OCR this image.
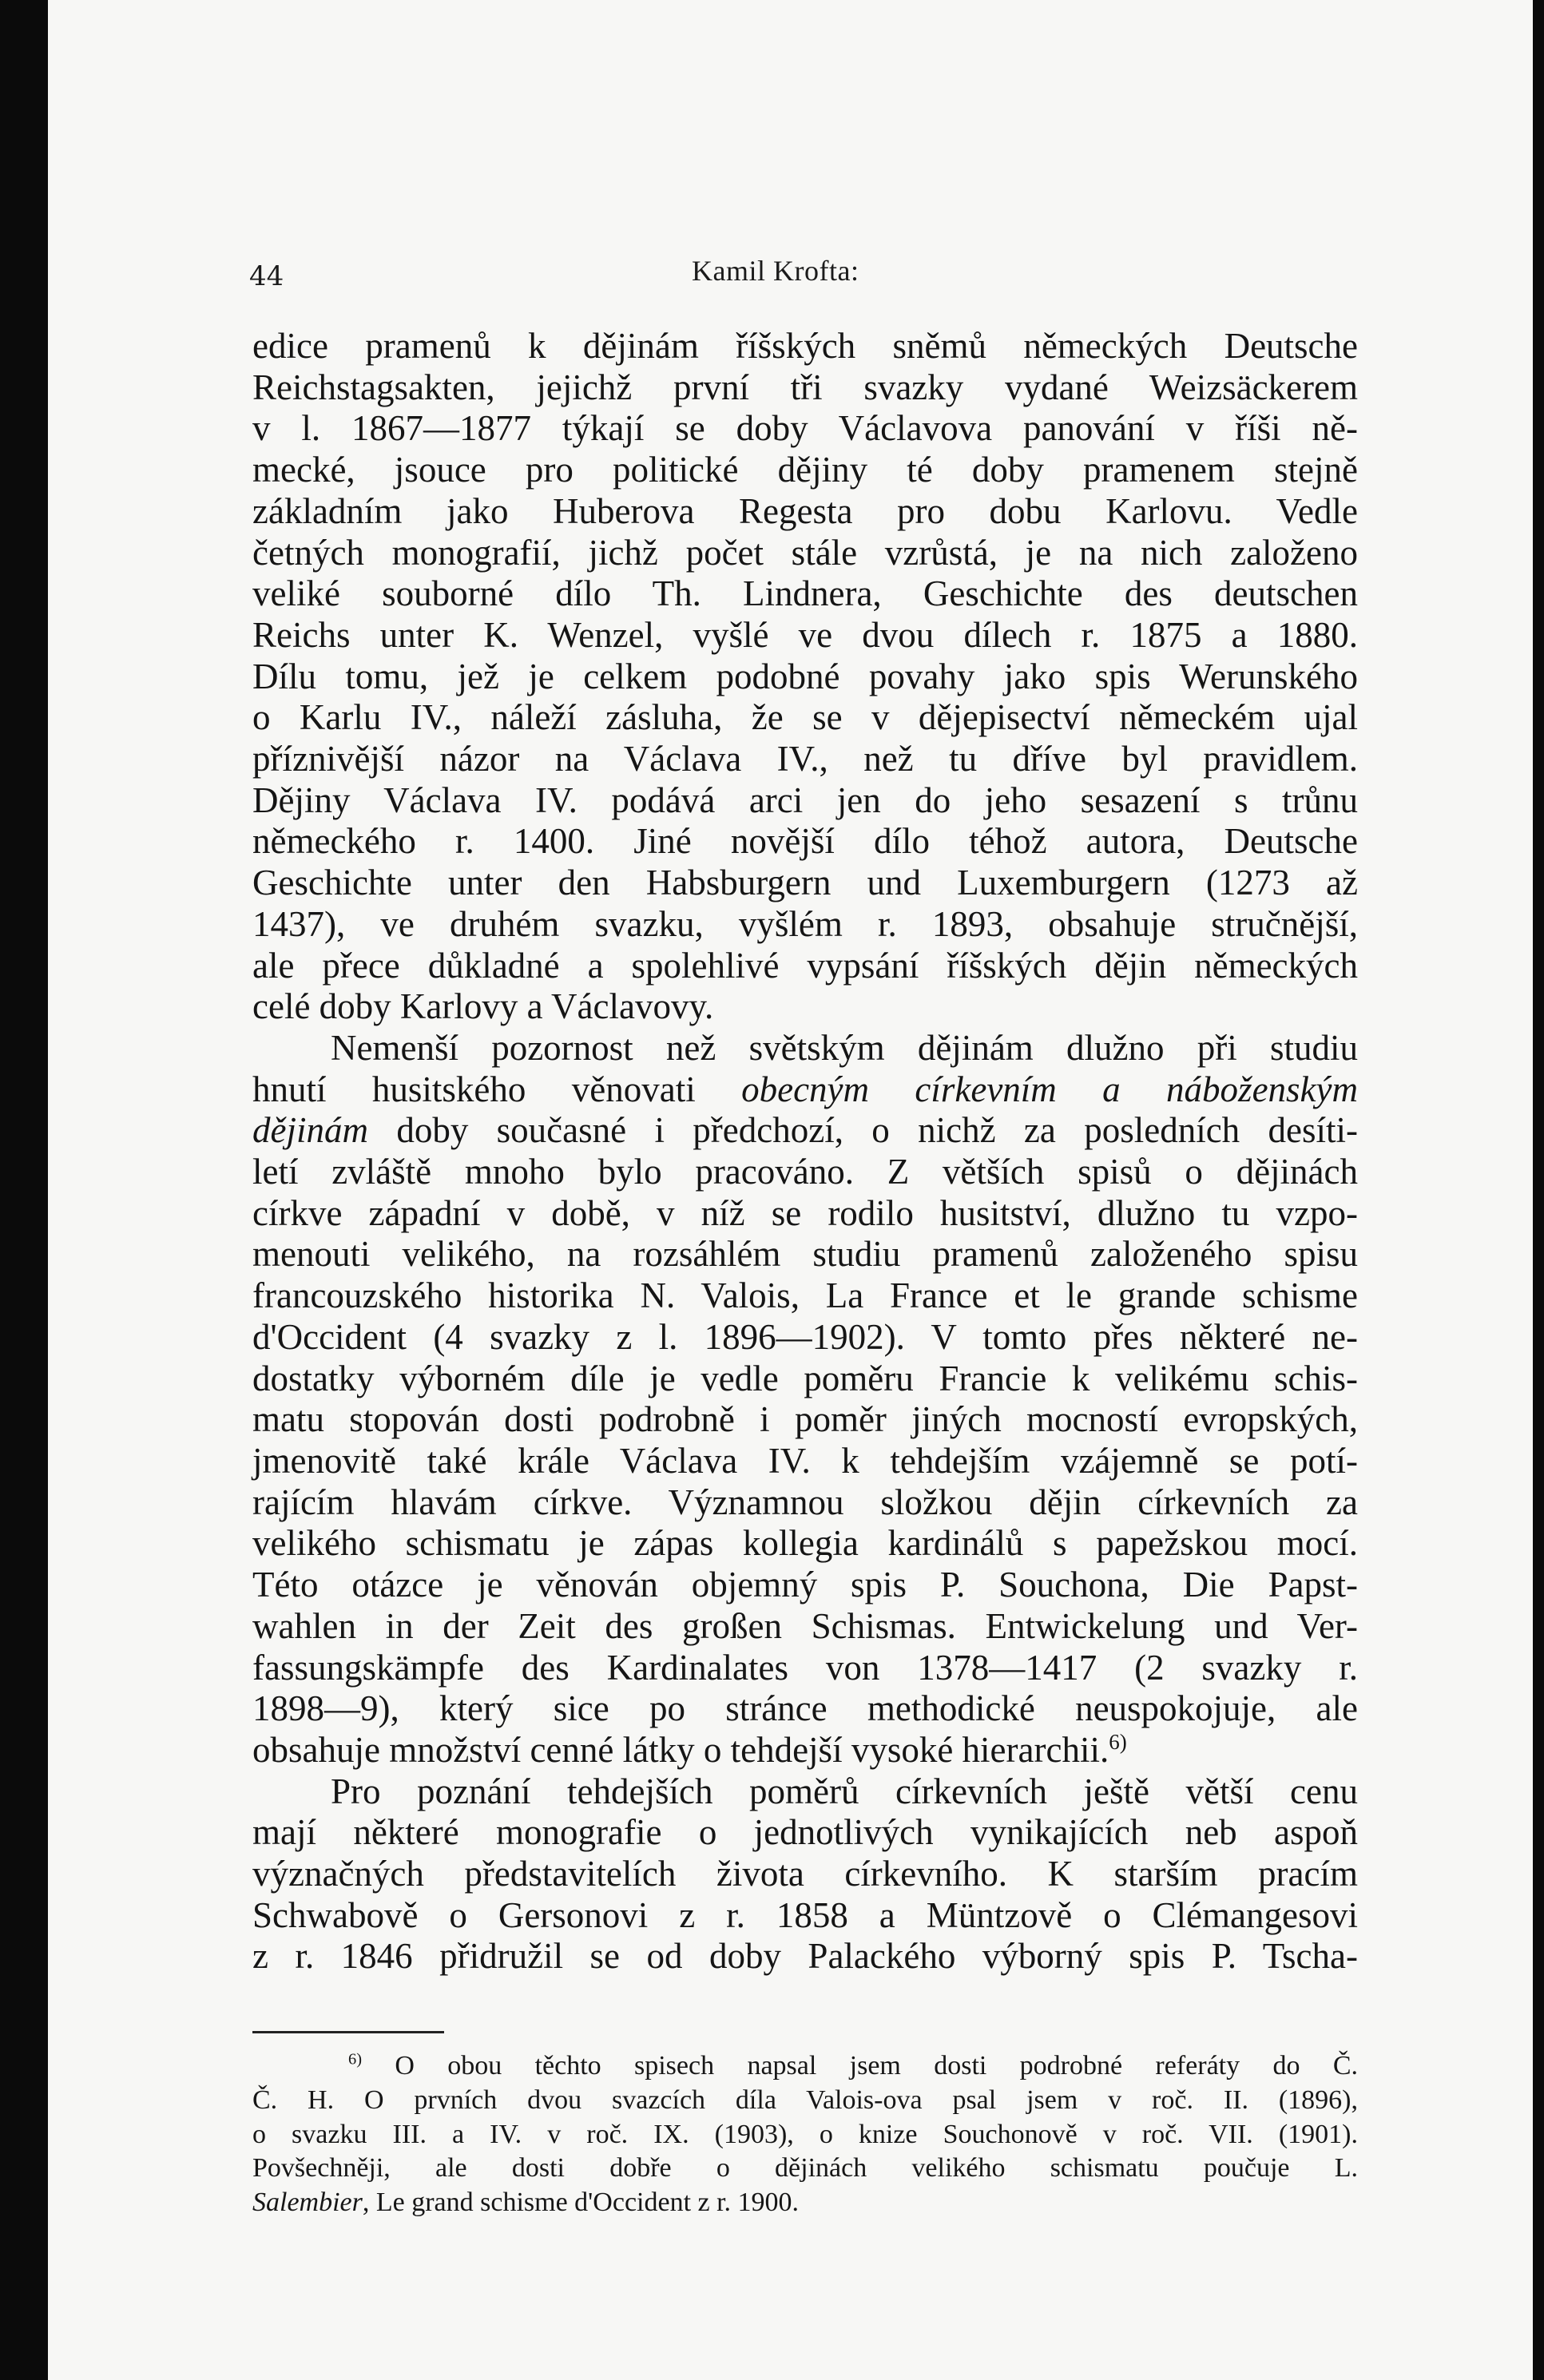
44	Kamil Krofta:

edice pramenů k dějinám říšských sněmů německých Deutsche
Reichstagsakten, jejichž první tři svazky vydané Weizsäckerem
v l. 1867—1877 týkají se doby Václavova panování v říši ně-
mecké, jsouce pro politické dějiny té doby pramenem stejně
základním jako Huberova Regesta pro dobu Karlovu. Vedle
četných monografií, jichž počet stále vzrůstá, je na nich založeno
veliké souborné dílo Th. Lindnera, Geschichte des deutschen
Reichs unter K. Wenzel, vyšlé ve dvou dílech r. 1875 a 1880.
Dílu tomu, jež je celkem podobné povahy jako spis Werunského
o Karlu IV., náleží zásluha, že se v dějepisectví německém ujal
příznivější názor na Václava IV., než tu dříve byl pravidlem.
Dějiny Václava IV. podává arci jen do jeho sesazení s trůnu
německého r. 1400. Jiné novější dílo téhož autora, Deutsche
Geschichte unter den Habsburgern und Luxemburgern (1273 až
1437), ve druhém svazku, vyšlém r. 1893, obsahuje stručnější,
ale přece důkladné a spolehlivé vypsání říšských dějin německých
celé doby Karlovy a Václavovy.

Nemenší pozornost než světským dějinám dlužno při studiu
hnutí husitského věnovati obecným církevním a náboženským
dějinám doby současné i předchozí, o nichž za posledních desíti-
letí zvláště mnoho bylo pracováno. Z větších spisů o dějinách
církve západní v době, v níž se rodilo husitství, dlužno tu vzpo-
menouti velikého, na rozsáhlém studiu pramenů založeného spisu
francouzského historika N. Valois, La France et le grande schisme
d'Occident (4 svazky z l. 1896—1902). V tomto přes některé ne-
dostatky výborném díle je vedle poměru Francie k velikému schis-
matu stopován dosti podrobně i poměr jiných mocností evropských,
jmenovitě také krále Václava IV. k tehdejším vzájemně se potí-
rajícím hlavám církve. Významnou složkou dějin církevních za
velikého schismatu je zápas kollegia kardinálů s papežskou mocí.
Této otázce je věnován objemný spis P. Souchona, Die Papst-
wahlen in der Zeit des großen Schismas. Entwickelung und Ver-
fassungskämpfe des Kardinalates von 1378—1417 (2 svazky r.
1898—9), který sice po stránce methodické neuspokojuje, ale
obsahuje množství cenné látky o tehdejší vysoké hierarchii.$^{6)}$

Pro poznání tehdejších poměrů církevních ještě větší cenu
mají některé monografie o jednotlivých vynikajících neb aspoň
význačných představitelích života církevního. K starším pracím
Schwabově o Gersonovi z r. 1858 a Müntzově o Clémangesovi
z r. 1846 přidružil se od doby Palackého výborný spis P. Tscha-

$^{6)}$ O obou těchto spisech napsal jsem dosti podrobné referáty do Č.
Č. H. O prvních dvou svazcích díla Valois-ova psal jsem v roč. II. (1896),
o svazku III. a IV. v roč. IX. (1903), o knize Souchonově v roč. VII. (1901).
Povšechněji, ale dosti dobře o dějinách velikého schismatu poučuje L.
Salembier, Le grand schisme d'Occident z r. 1900.
